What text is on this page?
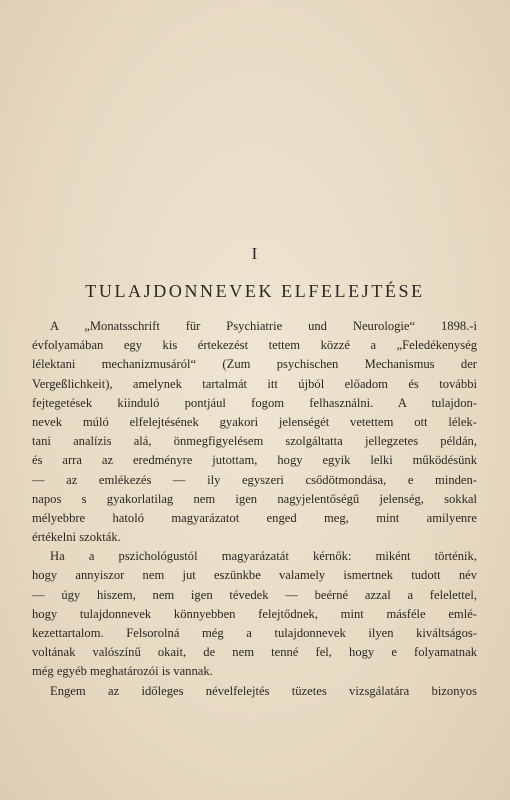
I
TULAJDONNEVEK ELFELEJTÉSE
A „Monatsschrift für Psychiatrie und Neurologie“ 1898.-i
évfolyamában egy kis értekezést tettem közzé a „Feledékenység
lélektani mechanizmusáról“ (Zum psychischen Mechanismus der
Vergeßlichkeit), amelynek tartalmát itt újból előadom és további
fejtegetések kiinduló pontjául fogom felhasználni. A tulajdon-
nevek múló elfelejtésének gyakori jelenségét vetettem ott lélek-
tani analízis alá, önmegfigyelésem szolgáltatta jellegzetes példán,
és arra az eredményre jutottam, hogy egyik lelki működésünk
— az emlékezés — ily egyszeri csődötmondása, e minden-
napos s gyakorlatilag nem igen nagyjelentőségű jelenség, sokkal
mélyebbre hatoló magyarázatot enged meg, mint amilyenre
értékelni szokták.
Ha a pszichológustól magyarázatát kérnők: miként történik,
hogy annyiszor nem jut eszünkbe valamely ismertnek tudott név
— úgy hiszem, nem igen tévedek — beérné azzal a felelettel,
hogy tulajdonnevek könnyebben felejtődnek, mint másféle emlé-
kezettartalom. Felsorolná még a tulajdonnevek ilyen kiváltságos-
voltának valószínű okait, de nem tenné fel, hogy e folyamatnak
még egyéb meghatározói is vannak.
Engem az időleges névelfelejtés tüzetes vizsgálatára bizonyos
